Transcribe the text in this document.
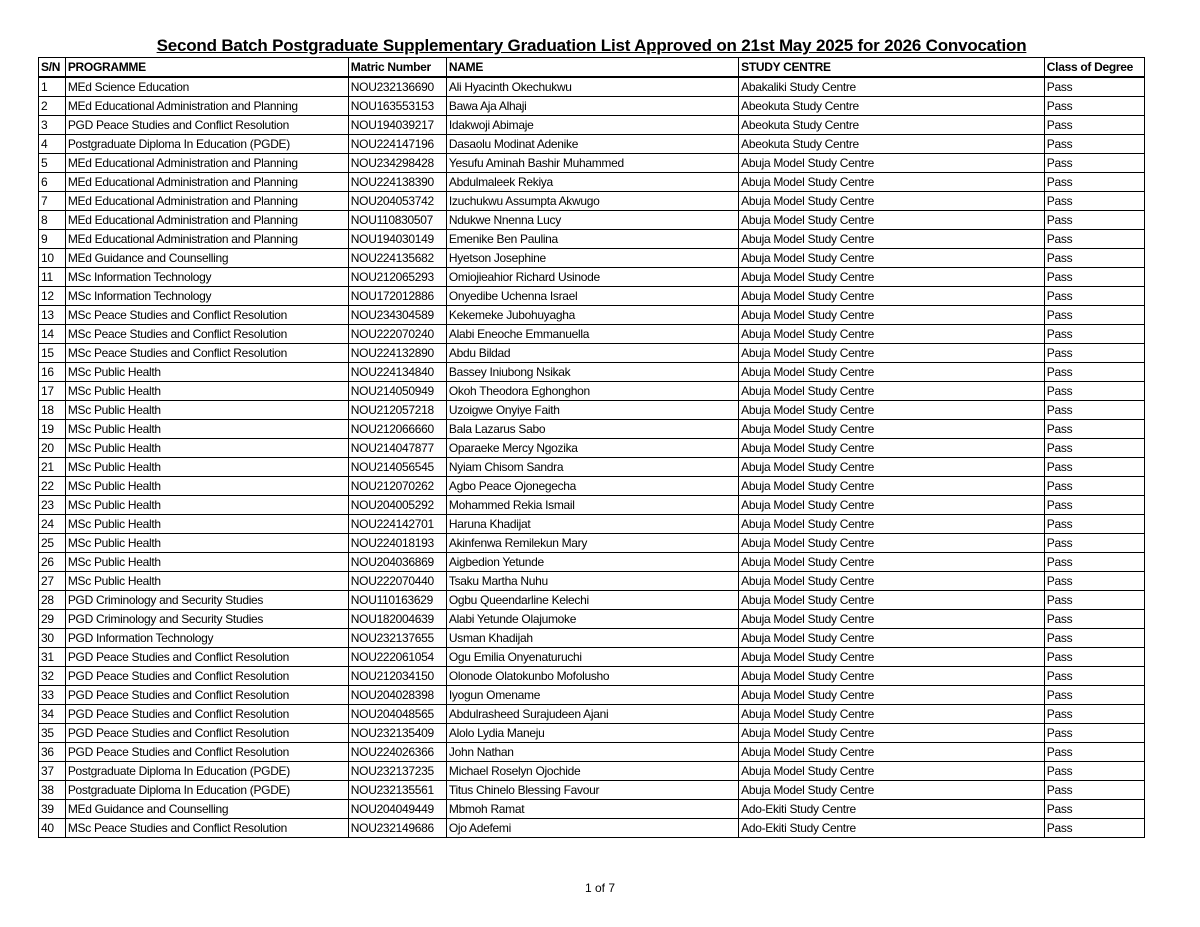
Second Batch Postgraduate Supplementary Graduation List Approved on 21st May 2025 for 2026 Convocation
S/N	PROGRAMME	Matric Number	NAME	STUDY CENTRE	Class of Degree
1	MEd Science Education	NOU232136690	Ali Hyacinth Okechukwu	Abakaliki Study Centre	Pass
2	MEd Educational Administration and Planning	NOU163553153	Bawa Aja Alhaji	Abeokuta Study Centre	Pass
3	PGD Peace Studies and Conflict Resolution	NOU194039217	Idakwoji Abimaje	Abeokuta Study Centre	Pass
4	Postgraduate Diploma In Education (PGDE)	NOU224147196	Dasaolu Modinat Adenike	Abeokuta Study Centre	Pass
5	MEd Educational Administration and Planning	NOU234298428	Yesufu Aminah Bashir Muhammed	Abuja Model Study Centre	Pass
6	MEd Educational Administration and Planning	NOU224138390	Abdulmaleek Rekiya	Abuja Model Study Centre	Pass
7	MEd Educational Administration and Planning	NOU204053742	Izuchukwu Assumpta Akwugo	Abuja Model Study Centre	Pass
8	MEd Educational Administration and Planning	NOU110830507	Ndukwe Nnenna Lucy	Abuja Model Study Centre	Pass
9	MEd Educational Administration and Planning	NOU194030149	Emenike Ben Paulina	Abuja Model Study Centre	Pass
10	MEd Guidance and Counselling	NOU224135682	Hyetson Josephine	Abuja Model Study Centre	Pass
11	MSc Information Technology	NOU212065293	Omiojieahior Richard Usinode	Abuja Model Study Centre	Pass
12	MSc Information Technology	NOU172012886	Onyedibe Uchenna Israel	Abuja Model Study Centre	Pass
13	MSc Peace Studies and Conflict Resolution	NOU234304589	Kekemeke Jubohuyagha	Abuja Model Study Centre	Pass
14	MSc Peace Studies and Conflict Resolution	NOU222070240	Alabi Eneoche Emmanuella	Abuja Model Study Centre	Pass
15	MSc Peace Studies and Conflict Resolution	NOU224132890	Abdu Bildad	Abuja Model Study Centre	Pass
16	MSc Public Health	NOU224134840	Bassey Iniubong Nsikak	Abuja Model Study Centre	Pass
17	MSc Public Health	NOU214050949	Okoh Theodora Eghonghon	Abuja Model Study Centre	Pass
18	MSc Public Health	NOU212057218	Uzoigwe Onyiye Faith	Abuja Model Study Centre	Pass
19	MSc Public Health	NOU212066660	Bala Lazarus Sabo	Abuja Model Study Centre	Pass
20	MSc Public Health	NOU214047877	Oparaeke Mercy Ngozika	Abuja Model Study Centre	Pass
21	MSc Public Health	NOU214056545	Nyiam Chisom Sandra	Abuja Model Study Centre	Pass
22	MSc Public Health	NOU212070262	Agbo Peace Ojonegecha	Abuja Model Study Centre	Pass
23	MSc Public Health	NOU204005292	Mohammed Rekia Ismail	Abuja Model Study Centre	Pass
24	MSc Public Health	NOU224142701	Haruna Khadijat	Abuja Model Study Centre	Pass
25	MSc Public Health	NOU224018193	Akinfenwa Remilekun Mary	Abuja Model Study Centre	Pass
26	MSc Public Health	NOU204036869	Aigbedion Yetunde	Abuja Model Study Centre	Pass
27	MSc Public Health	NOU222070440	Tsaku Martha Nuhu	Abuja Model Study Centre	Pass
28	PGD Criminology and Security Studies	NOU110163629	Ogbu Queendarline Kelechi	Abuja Model Study Centre	Pass
29	PGD Criminology and Security Studies	NOU182004639	Alabi Yetunde Olajumoke	Abuja Model Study Centre	Pass
30	PGD Information Technology	NOU232137655	Usman Khadijah	Abuja Model Study Centre	Pass
31	PGD Peace Studies and Conflict Resolution	NOU222061054	Ogu Emilia Onyenaturuchi	Abuja Model Study Centre	Pass
32	PGD Peace Studies and Conflict Resolution	NOU212034150	Olonode Olatokunbo Mofolusho	Abuja Model Study Centre	Pass
33	PGD Peace Studies and Conflict Resolution	NOU204028398	Iyogun Omename	Abuja Model Study Centre	Pass
34	PGD Peace Studies and Conflict Resolution	NOU204048565	Abdulrasheed Surajudeen Ajani	Abuja Model Study Centre	Pass
35	PGD Peace Studies and Conflict Resolution	NOU232135409	Alolo Lydia Maneju	Abuja Model Study Centre	Pass
36	PGD Peace Studies and Conflict Resolution	NOU224026366	John Nathan	Abuja Model Study Centre	Pass
37	Postgraduate Diploma In Education (PGDE)	NOU232137235	Michael Roselyn Ojochide	Abuja Model Study Centre	Pass
38	Postgraduate Diploma In Education (PGDE)	NOU232135561	Titus Chinelo Blessing Favour	Abuja Model Study Centre	Pass
39	MEd Guidance and Counselling	NOU204049449	Mbmoh Ramat	Ado-Ekiti Study Centre	Pass
40	MSc Peace Studies and Conflict Resolution	NOU232149686	Ojo Adefemi	Ado-Ekiti Study Centre	Pass
1 of 7
